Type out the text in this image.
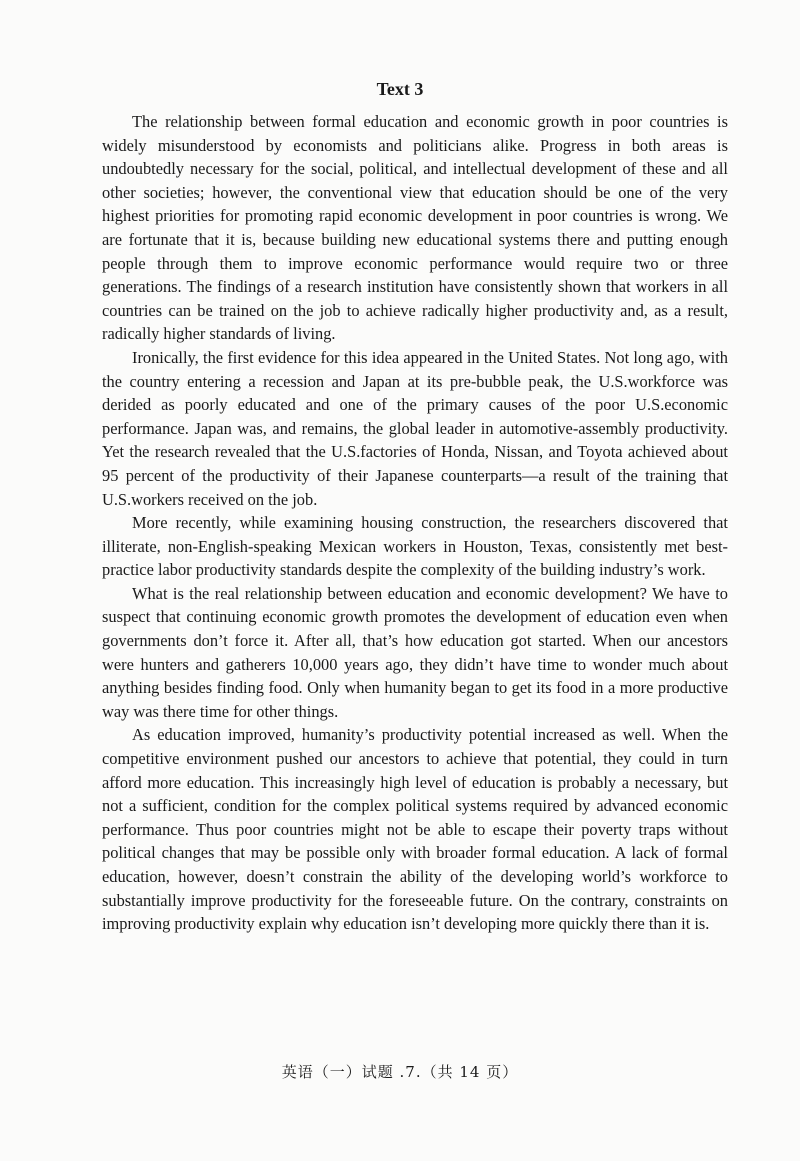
Text 3

The relationship between formal education and economic growth in poor countries is widely misunderstood by economists and politicians alike. Progress in both areas is undoubtedly necessary for the social, political, and intellectual development of these and all other societies; however, the conventional view that education should be one of the very highest priorities for promoting rapid economic development in poor countries is wrong. We are fortunate that it is, because building new educational systems there and putting enough people through them to improve economic performance would require two or three generations. The findings of a research institution have consistently shown that workers in all countries can be trained on the job to achieve radically higher productivity and, as a result, radically higher standards of living.

Ironically, the first evidence for this idea appeared in the United States. Not long ago, with the country entering a recession and Japan at its pre-bubble peak, the U.S.workforce was derided as poorly educated and one of the primary causes of the poor U.S.economic performance. Japan was, and remains, the global leader in automotive-assembly productivity. Yet the research revealed that the U.S.factories of Honda, Nissan, and Toyota achieved about 95 percent of the productivity of their Japanese counterparts—a result of the training that U.S.workers received on the job.

More recently, while examining housing construction, the researchers discovered that illiterate, non-English-speaking Mexican workers in Houston, Texas, consistently met best-practice labor productivity standards despite the complexity of the building industry’s work.

What is the real relationship between education and economic development? We have to suspect that continuing economic growth promotes the development of education even when governments don’t force it. After all, that’s how education got started. When our ancestors were hunters and gatherers 10,000 years ago, they didn’t have time to wonder much about anything besides finding food. Only when humanity began to get its food in a more productive way was there time for other things.

As education improved, humanity’s productivity potential increased as well. When the competitive environment pushed our ancestors to achieve that potential, they could in turn afford more education. This increasingly high level of education is probably a necessary, but not a sufficient, condition for the complex political systems required by advanced economic performance. Thus poor countries might not be able to escape their poverty traps without political changes that may be possible only with broader formal education. A lack of formal education, however, doesn’t constrain the ability of the developing world’s workforce to substantially improve productivity for the foreseeable future. On the contrary, constraints on improving productivity explain why education isn’t developing more quickly there than it is.

英语（一）试题 .7.（共 14 页）
